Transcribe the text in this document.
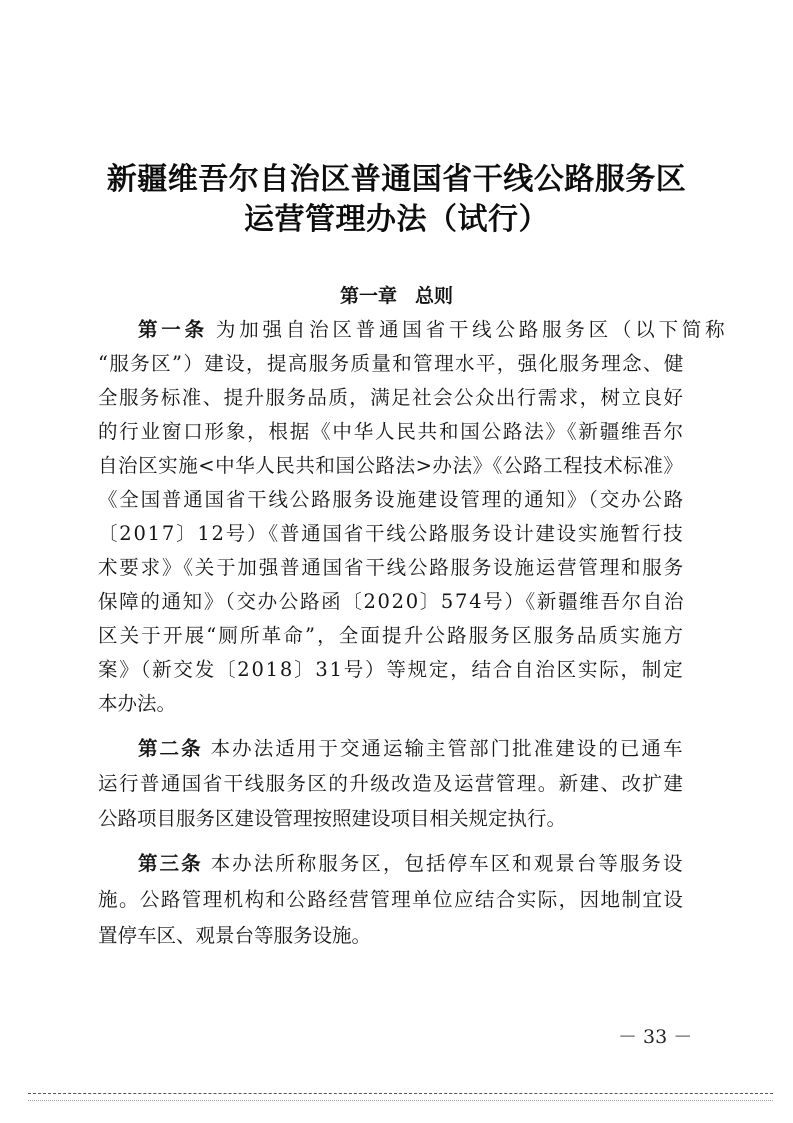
新疆维吾尔自治区普通国省干线公路服务区
运营管理办法（试行）
第一章 总则
第一条 为加强自治区普通国省干线公路服务区（以下简称
“服务区”）建设，提高服务质量和管理水平，强化服务理念、健
全服务标准、提升服务品质，满足社会公众出行需求，树立良好
的行业窗口形象，根据《中华人民共和国公路法》《新疆维吾尔
自治区实施<中华人民共和国公路法>办法》《公路工程技术标准》
《全国普通国省干线公路服务设施建设管理的通知》（交办公路
〔2017〕12号）《普通国省干线公路服务设计建设实施暂行技
术要求》《关于加强普通国省干线公路服务设施运营管理和服务
保障的通知》（交办公路函〔2020〕574号）《新疆维吾尔自治
区关于开展“厕所革命”，全面提升公路服务区服务品质实施方
案》（新交发〔2018〕31号）等规定，结合自治区实际，制定
本办法。
第二条 本办法适用于交通运输主管部门批准建设的已通车
运行普通国省干线服务区的升级改造及运营管理。新建、改扩建
公路项目服务区建设管理按照建设项目相关规定执行。
第三条 本办法所称服务区，包括停车区和观景台等服务设
施。公路管理机构和公路经营管理单位应结合实际，因地制宜设
置停车区、观景台等服务设施。
－ 33 －
